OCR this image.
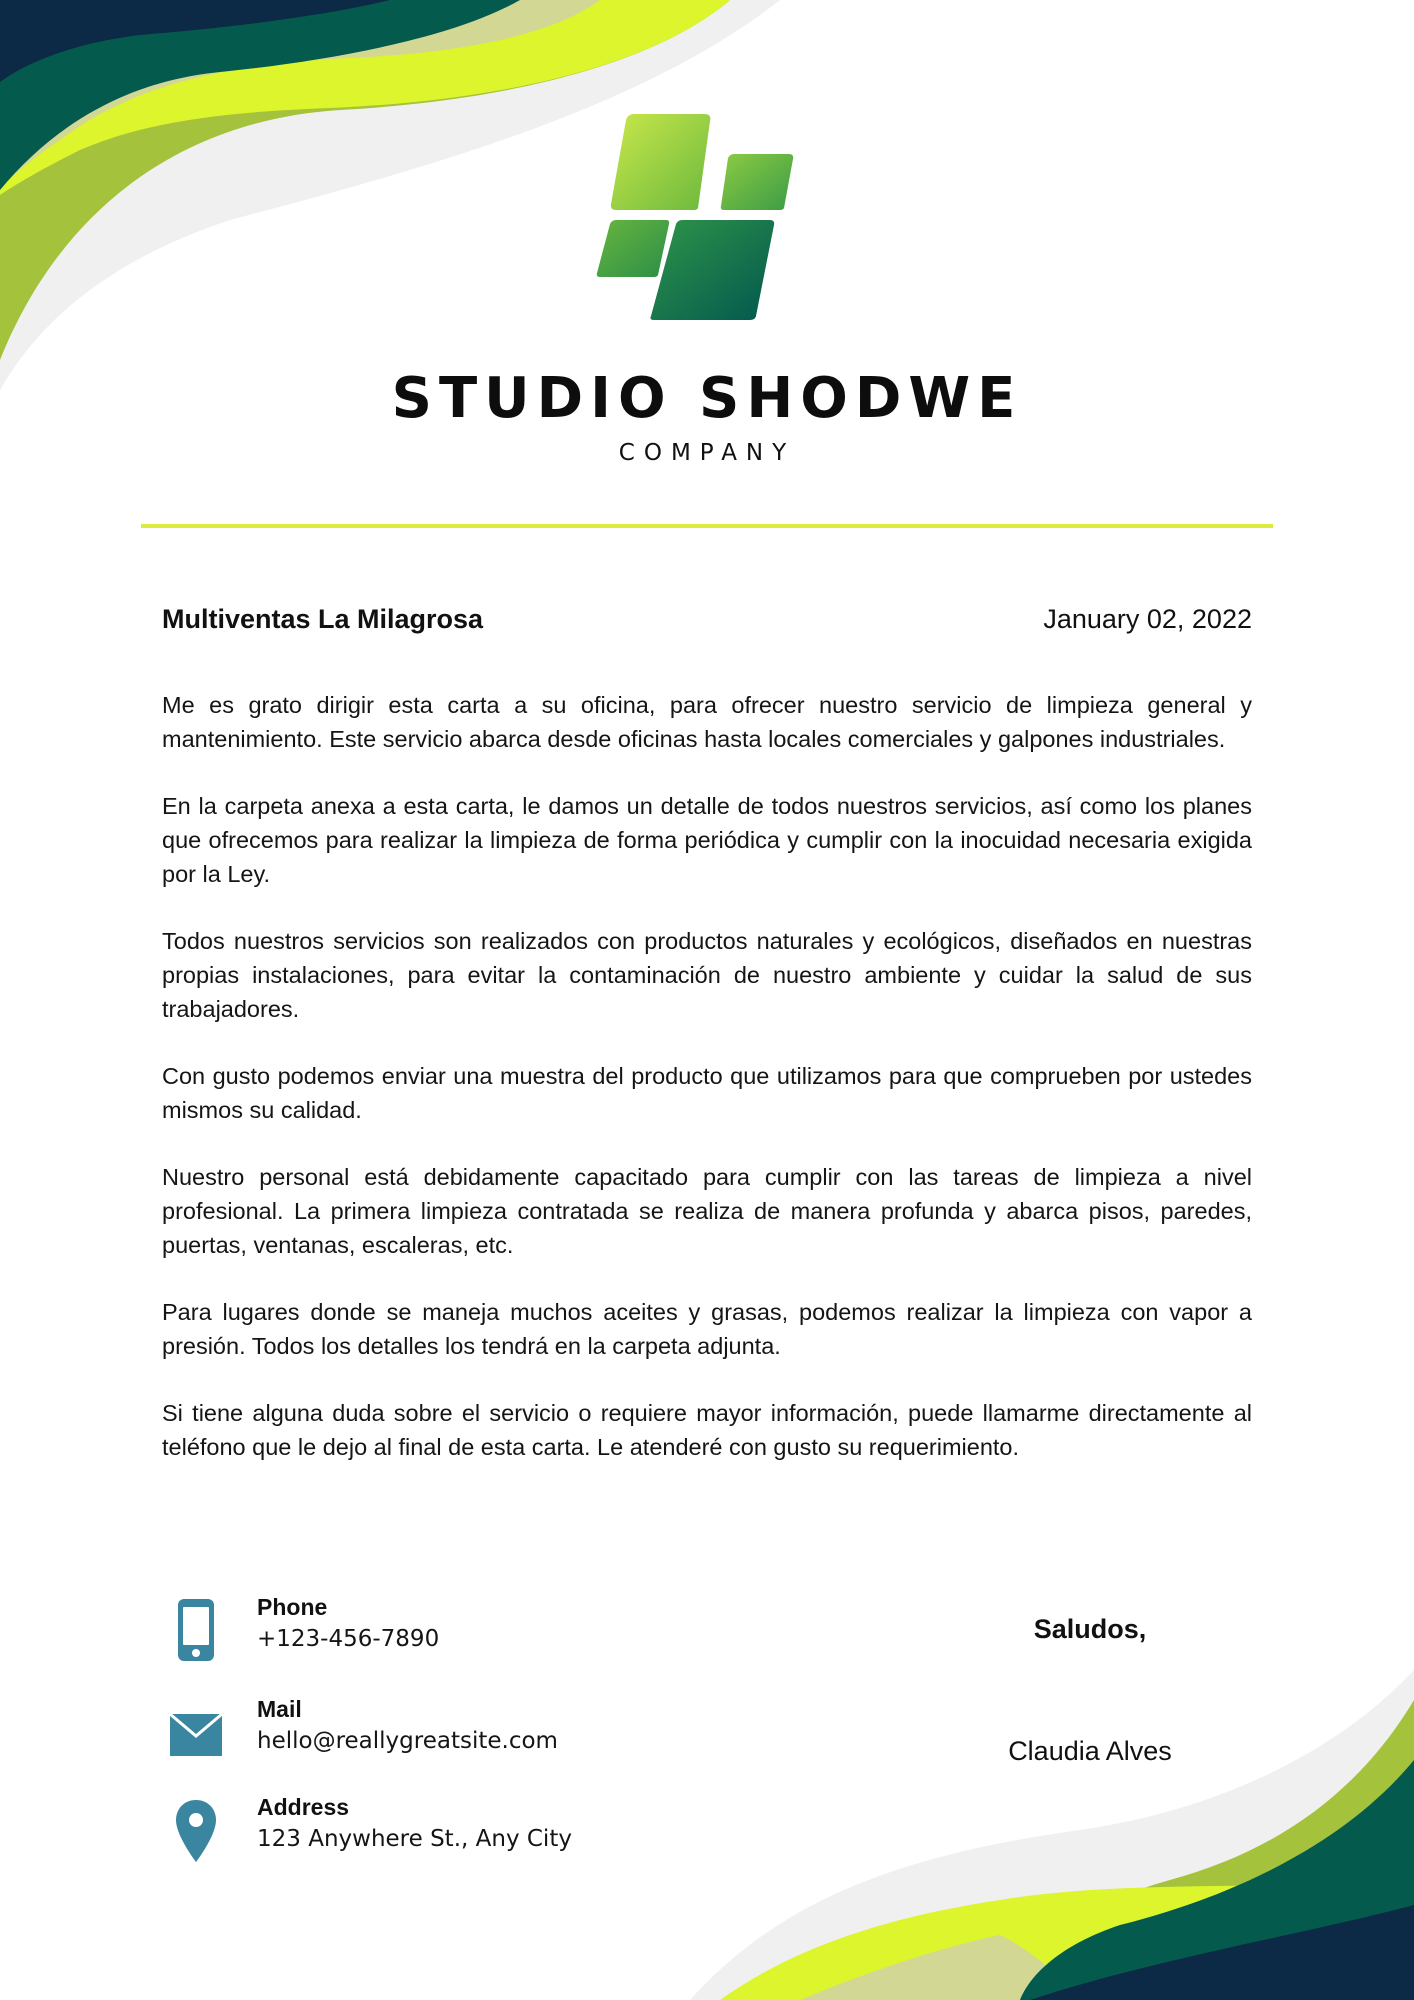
STUDIO SHODWE
COMPANY
Multiventas La Milagrosa	January 02, 2022

Me es grato dirigir esta carta a su oficina, para ofrecer nuestro servicio de limpieza general y mantenimiento. Este servicio abarca desde oficinas hasta locales comerciales y galpones industriales.

En la carpeta anexa a esta carta, le damos un detalle de todos nuestros servicios, así como los planes que ofrecemos para realizar la limpieza de forma periódica y cumplir con la inocuidad necesaria exigida por la Ley.

Todos nuestros servicios son realizados con productos naturales y ecológicos, diseñados en nuestras propias instalaciones, para evitar la contaminación de nuestro ambiente y cuidar la salud de sus trabajadores.

Con gusto podemos enviar una muestra del producto que utilizamos para que comprueben por ustedes mismos su calidad.

Nuestro personal está debidamente capacitado para cumplir con las tareas de limpieza a nivel profesional. La primera limpieza contratada se realiza de manera profunda y abarca pisos, paredes, puertas, ventanas, escaleras, etc.

Para lugares donde se maneja muchos aceites y grasas, podemos realizar la limpieza con vapor a presión. Todos los detalles los tendrá en la carpeta adjunta.

Si tiene alguna duda sobre el servicio o requiere mayor información, puede llamarme directamente al teléfono que le dejo al final de esta carta. Le atenderé con gusto su requerimiento.

Phone
+123-456-7890
Mail
hello@reallygreatsite.com
Address
123 Anywhere St., Any City
Saludos,
Claudia Alves
